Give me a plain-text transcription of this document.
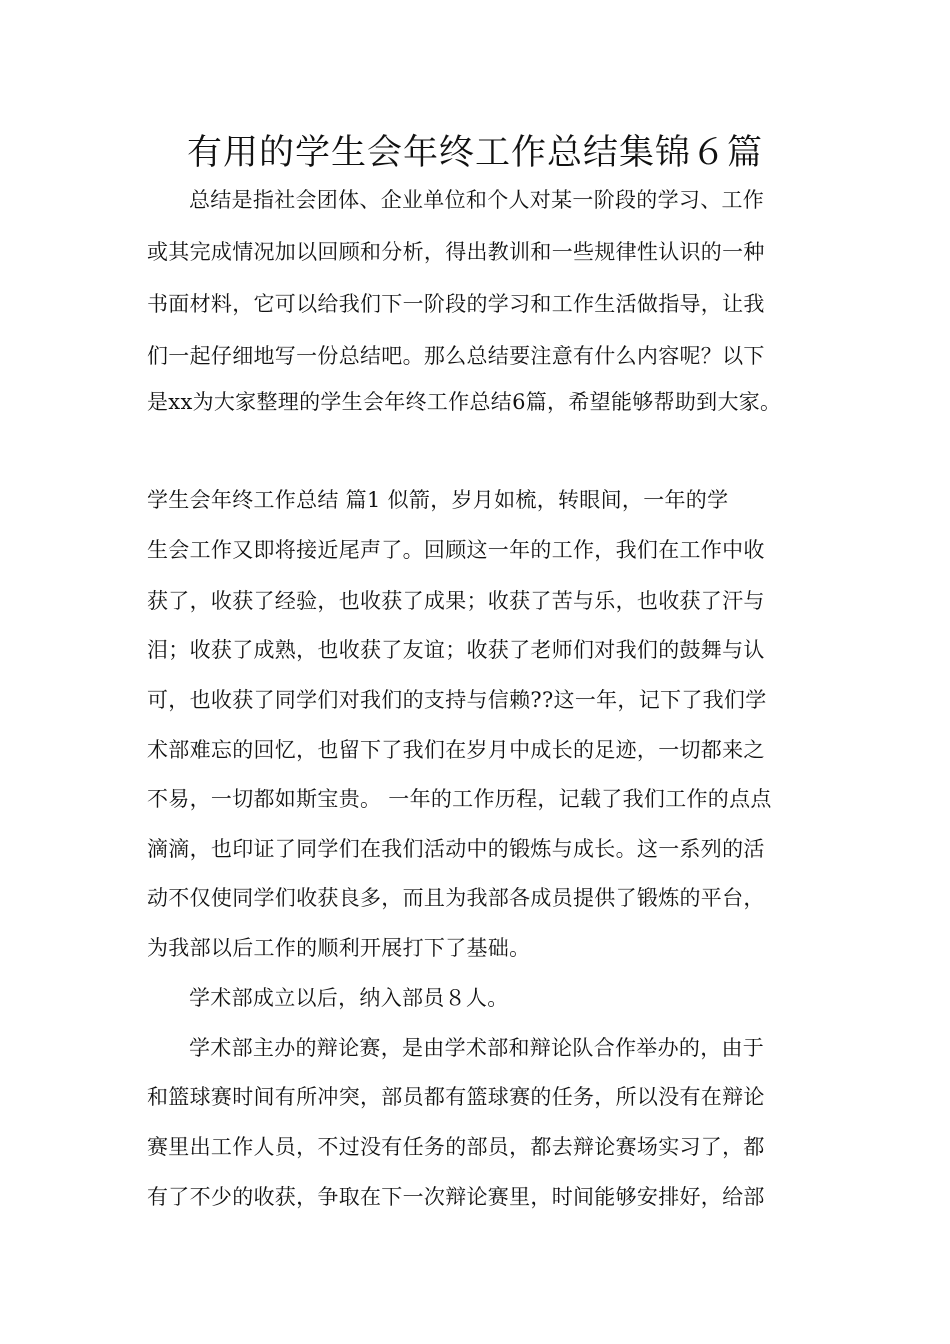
有用的学生会年终工作总结集锦６篇
总结是指社会团体、企业单位和个人对某一阶段的学习、工作
或其完成情况加以回顾和分析，得出教训和一些规律性认识的一种
书面材料，它可以给我们下一阶段的学习和工作生活做指导，让我
们一起仔细地写一份总结吧。那么总结要注意有什么内容呢？以下
是xx为大家整理的学生会年终工作总结6篇，希望能够帮助到大家。
学生会年终工作总结 篇1 似箭，岁月如梳，转眼间，一年的学
生会工作又即将接近尾声了。回顾这一年的工作，我们在工作中收
获了，收获了经验，也收获了成果；收获了苦与乐，也收获了汗与
泪；收获了成熟，也收获了友谊；收获了老师们对我们的鼓舞与认
可，也收获了同学们对我们的支持与信赖??这一年，记下了我们学
术部难忘的回忆，也留下了我们在岁月中成长的足迹，一切都来之
不易，一切都如斯宝贵。 一年的工作历程，记载了我们工作的点点
滴滴，也印证了同学们在我们活动中的锻炼与成长。这一系列的活
动不仅使同学们收获良多，而且为我部各成员提供了锻炼的平台，
为我部以后工作的顺利开展打下了基础。
学术部成立以后，纳入部员８人。
学术部主办的辩论赛，是由学术部和辩论队合作举办的，由于
和篮球赛时间有所冲突，部员都有篮球赛的任务，所以没有在辩论
赛里出工作人员，不过没有任务的部员，都去辩论赛场实习了，都
有了不少的收获，争取在下一次辩论赛里，时间能够安排好，给部
